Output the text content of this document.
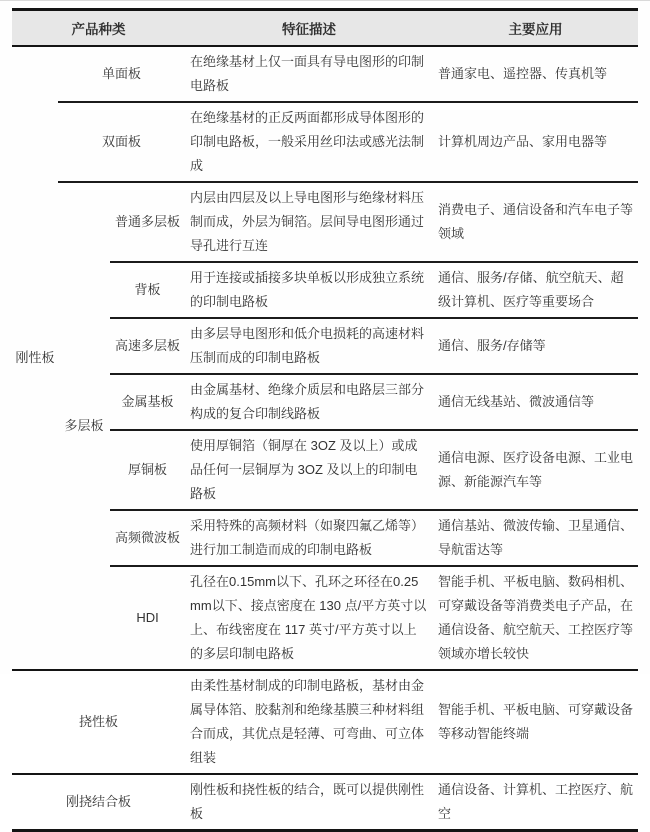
产品种类			特征描述	主要应用
刚性板	单面板		在绝缘基材上仅一面具有导电图形的印制电路板	普通家电、遥控器、传真机等
	双面板		在绝缘基材的正反两面都形成导体图形的印制电路板，一般采用丝印法或感光法制成	计算机周边产品、家用电器等
	多层板	普通多层板	内层由四层及以上导电图形与绝缘材料压制而成，外层为铜箔。层间导电图形通过导孔进行互连	消费电子、通信设备和汽车电子等领域
		背板	用于连接或插接多块单板以形成独立系统的印制电路板	通信、服务/存储、航空航天、超级计算机、医疗等重要场合
		高速多层板	由多层导电图形和低介电损耗的高速材料压制而成的印制电路板	通信、服务/存储等
		金属基板	由金属基材、绝缘介质层和电路层三部分构成的复合印制线路板	通信无线基站、微波通信等
		厚铜板	使用厚铜箔（铜厚在 3OZ 及以上）或成品任何一层铜厚为 3OZ 及以上的印制电路板	通信电源、医疗设备电源、工业电源、新能源汽车等
		高频微波板	采用特殊的高频材料（如聚四氟乙烯等）进行加工制造而成的印制电路板	通信基站、微波传输、卫星通信、导航雷达等
		HDI	孔径在0.15mm以下、孔环之环径在0.25mm以下、接点密度在 130 点/平方英寸以上、布线密度在 117 英寸/平方英寸以上的多层印制电路板	智能手机、平板电脑、数码相机、可穿戴设备等消费类电子产品，在通信设备、航空航天、工控医疗等领域亦增长较快
挠性板			由柔性基材制成的印制电路板，基材由金属导体箔、胶黏剂和绝缘基膜三种材料组合而成，其优点是轻薄、可弯曲、可立体组装	智能手机、平板电脑、可穿戴设备等移动智能终端
刚挠结合板			刚性板和挠性板的结合，既可以提供刚性板	通信设备、计算机、工控医疗、航空
